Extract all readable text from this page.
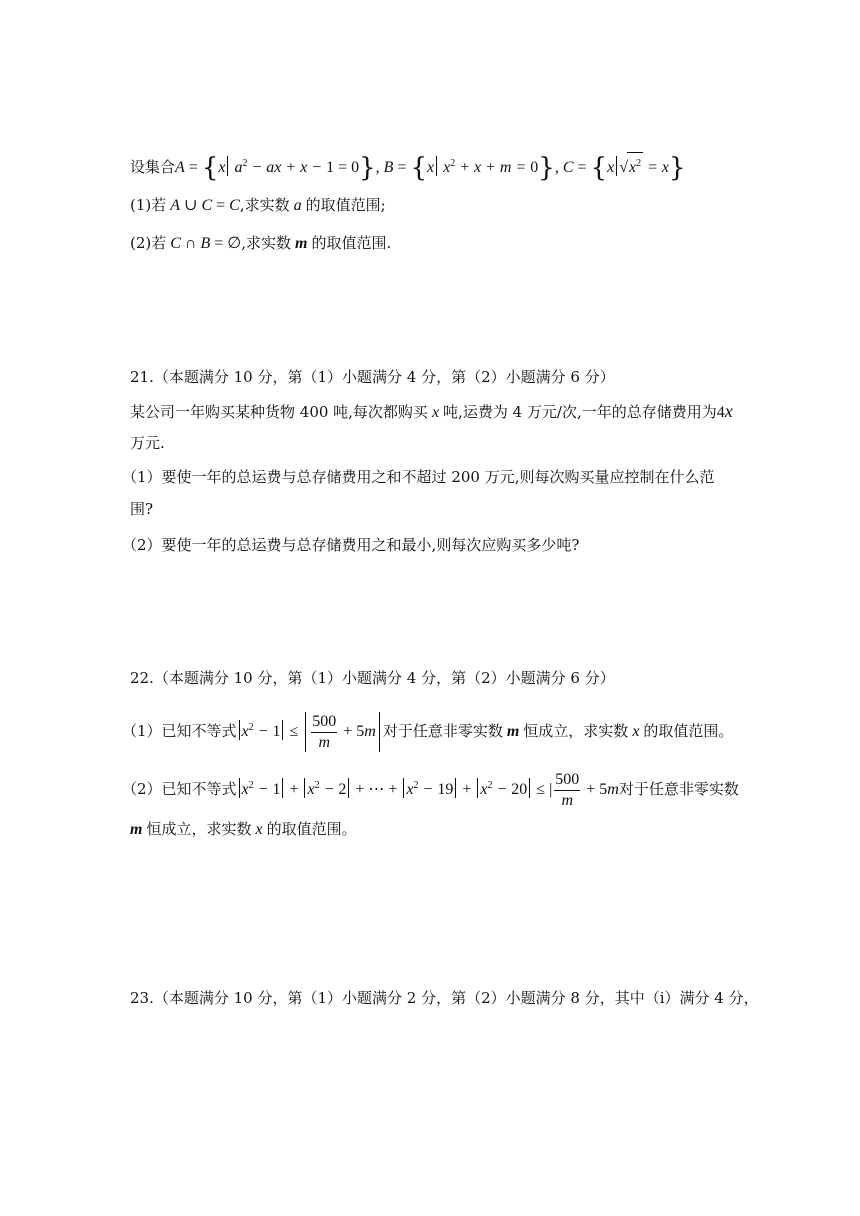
设集合A = {x $a^2$ − ax + x − 1 = 0}, B = {x $x^2 + x + m = 0$}, C = {x $√x^2 = x$}
(1)若 A ∪ C = C,求实数 a 的取值范围;
(2)若 C ∩ B = ∅,求实数 m 的取值范围.
21.（本题满分 10 分，第（1）小题满分 4 分，第（2）小题满分 6 分）
某公司一年购买某种货物 400 吨,每次都购买 x 吨,运费为 4 万元/次,一年的总存储费用为4x
万元.
（1）要使一年的总运费与总存储费用之和不超过 200 万元,则每次购买量应控制在什么范
围?
（2）要使一年的总运费与总存储费用之和最小,则每次应购买多少吨?
22.（本题满分 10 分，第（1）小题满分 4 分，第（2）小题满分 6 分）
（1）已知不等式 $x^2 - 1 \le \frac{500}{m} + 5m$ 对于任意非零实数 m 恒成立，求实数 x 的取值范围。
（2）已知不等式 $x^2 - 1 + x^2 - 2$ + ⋯ + $x^2 - 19 + x^2 - 20$ ≤ | $\frac{500}{m} + 5m$对于任意非零实数
m 恒成立，求实数 x 的取值范围。
23.（本题满分 10 分，第（1）小题满分 2 分，第（2）小题满分 8 分，其中（i）满分 4 分，
